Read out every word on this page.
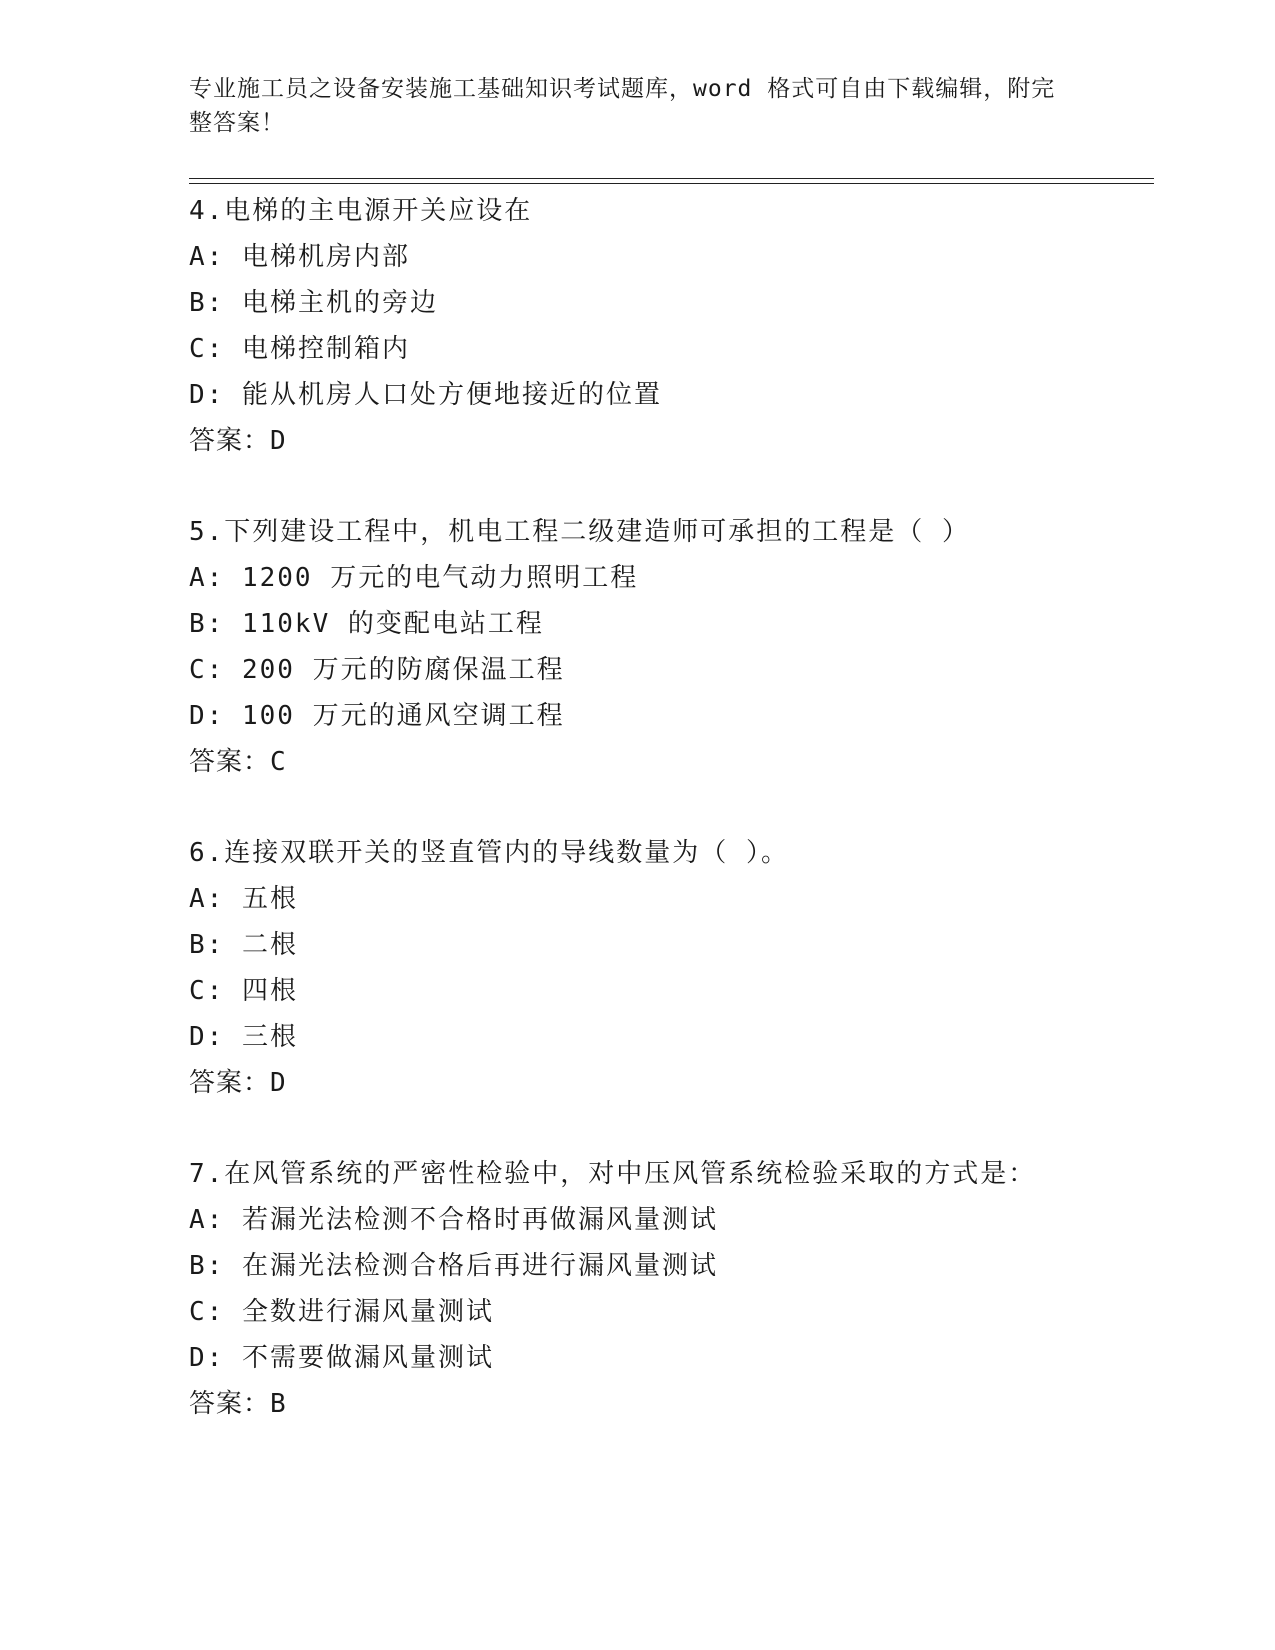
专业施工员之设备安装施工基础知识考试题库，word 格式可自由下载编辑，附完
整答案！
4.电梯的主电源开关应设在
A: 电梯机房内部
B: 电梯主机的旁边
C: 电梯控制箱内
D: 能从机房人口处方便地接近的位置
答案：D
5.下列建设工程中，机电工程二级建造师可承担的工程是（ ）
A: 1200 万元的电气动力照明工程
B: 110kV 的变配电站工程
C: 200 万元的防腐保温工程
D: 100 万元的通风空调工程
答案：C
6.连接双联开关的竖直管内的导线数量为（ ）。
A: 五根
B: 二根
C: 四根
D: 三根
答案：D
7.在风管系统的严密性检验中，对中压风管系统检验采取的方式是：
A: 若漏光法检测不合格时再做漏风量测试
B: 在漏光法检测合格后再进行漏风量测试
C: 全数进行漏风量测试
D: 不需要做漏风量测试
答案：B
